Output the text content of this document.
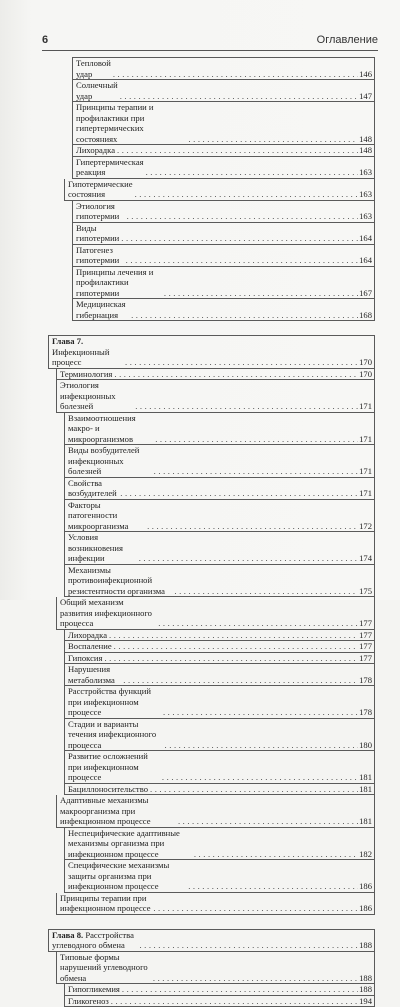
6	Оглавление
Тепловой удар . . .	146
Солнечный удар . . .	147
Принципы терапии и профилактики при гипертермических состояниях . . .	148
Лихорадка . . .	148
Гипертермическая реакция . . .	163
Гипотермические состояния . . .	163
Этиология гипотермии . . .	163
Виды гипотермии . . .	164
Патогенез гипотермии . . .	164
Принципы лечения и профилактики гипотермии . . .	167
Медицинская гибернация . . .	168
Глава 7. Инфекционный процесс . . .	170
Терминология . . .	170
Этиология инфекционных болезней . . .	171
Взаимоотношения макро- и микроорганизмов . . .	171
Виды возбудителей инфекционных болезней . . .	171
Свойства возбудителей . . .	171
Факторы патогенности микроорганизма . . .	172
Условия возникновения инфекции . . .	174
Механизмы противоинфекционной резистентности организма . . .	175
Общий механизм развития инфекционного процесса . . .	177
Лихорадка . . .	177
Воспаление . . .	177
Гипоксия . . .	177
Нарушения метаболизма . . .	178
Расстройства функций при инфекционном процессе . . .	178
Стадии и варианты течения инфекционного процесса . . .	180
Развитие осложнений при инфекционном процессе . . .	181
Бациллоносительство . . .	181
Адаптивные механизмы макроорганизма при инфекционном процессе . . .	181
Неспецифические адаптивные механизмы организма при инфекционном процессе . . .	182
Специфические механизмы защиты организма при инфекционном процессе . . .	186
Принципы терапии при инфекционном процессе . . .	186
Глава 8. Расстройства углеводного обмена . . .	188
Типовые формы нарушений углеводного обмена . . .	188
Гипогликемия . . .	188
Гликогеноз . . .	194
